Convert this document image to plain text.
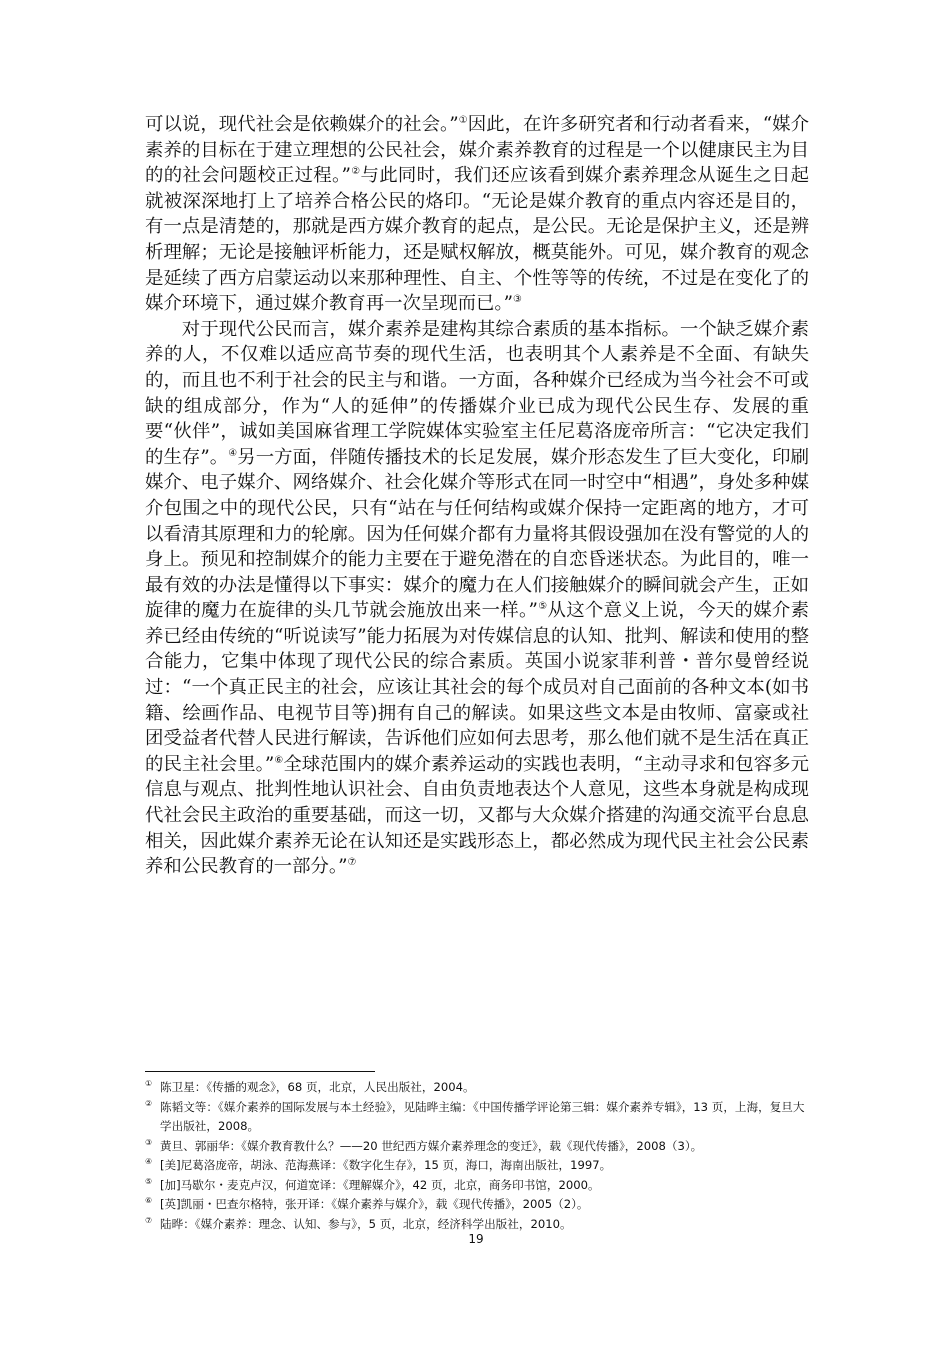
可以说，现代社会是依赖媒介的社会。”①因此，在许多研究者和行动者看来，“媒介素养的目标在于建立理想的公民社会，媒介素养教育的过程是一个以健康民主为目的的社会问题校正过程。”②与此同时，我们还应该看到媒介素养理念从诞生之日起就被深深地打上了培养合格公民的烙印。“无论是媒介教育的重点内容还是目的，有一点是清楚的，那就是西方媒介教育的起点，是公民。无论是保护主义，还是辨析理解；无论是接触评析能力，还是赋权解放，概莫能外。可见，媒介教育的观念是延续了西方启蒙运动以来那种理性、自主、个性等等的传统，不过是在变化了的媒介环境下，通过媒介教育再一次呈现而已。”③

对于现代公民而言，媒介素养是建构其综合素质的基本指标。一个缺乏媒介素养的人，不仅难以适应高节奏的现代生活，也表明其个人素养是不全面、有缺失的，而且也不利于社会的民主与和谐。一方面，各种媒介已经成为当今社会不可或缺的组成部分，作为“人的延伸”的传播媒介业已成为现代公民生存、发展的重要“伙伴”，诚如美国麻省理工学院媒体实验室主任尼葛洛庞帝所言：“它决定我们的生存”。④另一方面，伴随传播技术的长足发展，媒介形态发生了巨大变化，印刷媒介、电子媒介、网络媒介、社会化媒介等形式在同一时空中“相遇”，身处多种媒介包围之中的现代公民，只有“站在与任何结构或媒介保持一定距离的地方，才可以看清其原理和力的轮廓。因为任何媒介都有力量将其假设强加在没有警觉的人的身上。预见和控制媒介的能力主要在于避免潜在的自恋昏迷状态。为此目的，唯一最有效的办法是懂得以下事实：媒介的魔力在人们接触媒介的瞬间就会产生，正如旋律的魔力在旋律的头几节就会施放出来一样。”⑤从这个意义上说，今天的媒介素养已经由传统的“听说读写”能力拓展为对传媒信息的认知、批判、解读和使用的整合能力，它集中体现了现代公民的综合素质。英国小说家菲利普・普尔曼曾经说过：“一个真正民主的社会，应该让其社会的每个成员对自己面前的各种文本(如书籍、绘画作品、电视节目等)拥有自己的解读。如果这些文本是由牧师、富豪或社团受益者代替人民进行解读，告诉他们应如何去思考，那么他们就不是生活在真正的民主社会里。”⑥全球范围内的媒介素养运动的实践也表明，“主动寻求和包容多元信息与观点、批判性地认识社会、自由负责地表达个人意见，这些本身就是构成现代社会民主政治的重要基础，而这一切，又都与大众媒介搭建的沟通交流平台息息相关，因此媒介素养无论在认知还是实践形态上，都必然成为现代民主社会公民素养和公民教育的一部分。”⑦

① 陈卫星：《传播的观念》，68 页，北京，人民出版社，2004。
② 陈韬文等：《媒介素养的国际发展与本土经验》，见陆晔主编：《中国传播学评论第三辑：媒介素养专辑》，13 页，上海，复旦大学出版社，2008。
③ 黄旦、郭丽华：《媒介教育教什么？——20 世纪西方媒介素养理念的变迁》，载《现代传播》，2008（3）。
④ [美]尼葛洛庞帝，胡泳、范海燕译：《数字化生存》，15 页，海口，海南出版社，1997。
⑤ [加]马歇尔・麦克卢汉，何道宽译：《理解媒介》，42 页，北京，商务印书馆，2000。
⑥ [英]凯丽・巴查尔格特，张开译：《媒介素养与媒介》，载《现代传播》，2005（2）。
⑦ 陆晔：《媒介素养：理念、认知、参与》，5 页，北京，经济科学出版社，2010。
19
